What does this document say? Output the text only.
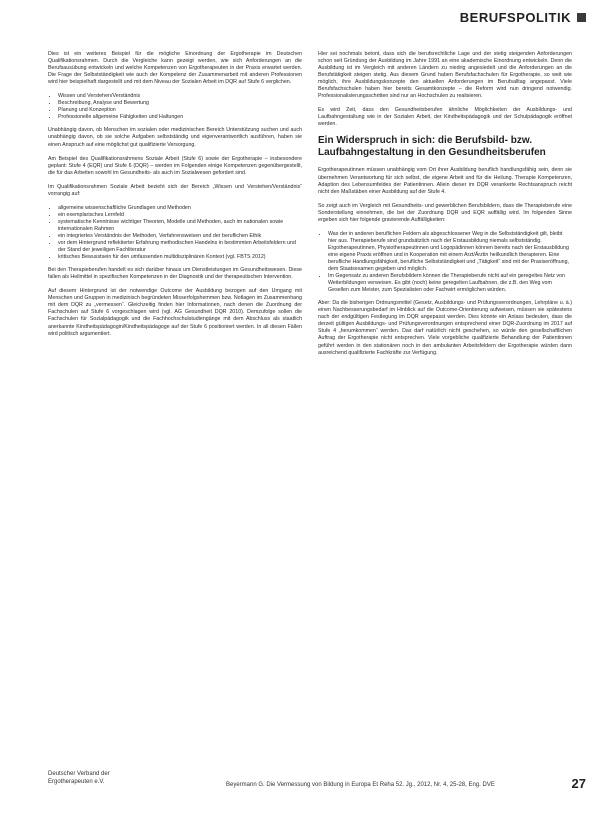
BERUFSPOLITIK

Dies ist ein weiteres Beispiel für die mögliche Einordnung der Ergotherapie im Deutschen Qualifikationsrahmen. Durch die Vergleiche kann gezeigt werden, wie sich Anforderungen an die Berufsausübung entwickeln und welche Kompetenzen von Ergotherapeuten in der Praxis erwartet werden. Die Frage der Selbstständigkeit wie auch der Kompetenz der Zusammenarbeit mit anderen Professionen wird hier beispielhaft dargestellt und mit dem Niveau der Sozialen Arbeit im DQR auf Stufe 6 verglichen.

• Wissen und Verstehen/Verständnis
• Beschreibung, Analyse und Bewertung
• Planung und Konzeption
• Professionelle allgemeine Fähigkeiten und Haltungen

Unabhängig davon, ob Menschen im sozialen oder medizinischen Bereich Unterstützung suchen und auch unabhängig davon, ob sie solche Aufgaben selbstständig und eigenverantwortlich ausführen, haben sie einen Anspruch auf eine möglichst gut qualifizierte Versorgung.

Am Beispiel des Qualifikationsrahmens Soziale Arbeit (Stufe 6) sowie der Ergotherapie – insbesondere geplant: Stufe 4 (EQR) und Stufe 6 (DQR) – werden im Folgenden einige Kompetenzen gegenübergestellt, die für das Arbeiten sowohl im Gesundheits- als auch im Sozialwesen gefordert sind.

Im Qualifikationsrahmen Soziale Arbeit bezieht sich der Bereich „Wissen und Verstehen/Verständnis“ vorrangig auf:

• allgemeine wissenschaftliche Grundlagen und Methoden
• ein exemplarisches Lernfeld
• systematische Kenntnisse wichtiger Theorien, Modelle und Methoden, auch im nationalen sowie internationalen Rahmen
• ein integriertes Verständnis der Methoden, Verfahrensweisen und der beruflichen Ethik
• vor dem Hintergrund reflektierter Erfahrung methodischen Handelns in bestimmten Arbeitsfeldern und der Stand der jeweiligen Fachliteratur
• kritisches Bewusstsein für den umfassenden multidisziplinären Kontext (vgl. FBTS 2012)

Bei den Therapieberufen handelt es sich darüber hinaus um Dienstleistungen im Gesundheitswesen. Diese fallen als Heilmittel in spezifischen Kompetenzen in der Diagnostik und der therapeutischen Intervention.

Auf diesem Hintergrund ist der notwendige Outcome der Ausbildung bezogen auf den Umgang mit Menschen und Gruppen in medizinisch begründeten Misserfolgshemmen bzw. Notlagen im Zusammenhang mit dem DQR zu „vermessen“. Gleichzeitig finden hier Informationen, nach denen die Zuordnung der Fachschulen auf Stufe 6 vorgeschlagen wird (vgl. AG Gesundheit DQR 2010). Demzufolge sollen die Fachschulen für Sozialpädagogik und die Fachhochschulstudiengänge mit dem Abschluss als staatlich anerkannte Kindheitspädagogin/Kindheitspädagoge auf der Stufe 6 positioniert werden. In all diesen Fällen wird politisch argumentiert.

Hier sei nochmals betont, dass sich die berufsrechtliche Lage und der stetig steigenden Anforderungen schon seit Gründung der Ausbildung im Jahre 1991 an eine akademische Einordnung entwickeln. Denn die Ausbildung ist im Vergleich mit anderen Ländern zu niedrig angesiedelt und die Anforderungen an die Berufstätigkeit steigen stetig. Aus diesem Grund haben Berufsfachschulen für Ergotherapie, so weit wie möglich, ihre Ausbildungskonzepte den aktuellen Anforderungen im Berufsalltag angepasst. Viele Berufsfachschulen haben hier bereits Gesamtkonzepte – die Reform wird nun dringend notwendig. Professionalisierungsschritten sind nur an Hochschulen zu realisieren.

Es wird Zeit, dass den Gesundheitsberufen ähnliche Möglichkeiten der Ausbildungs- und Laufbahngestaltung wie in der Sozialen Arbeit, der Kindheitspädagogik und der Schulpädagogik eröffnet werden.

Ein Widerspruch in sich: die Berufsbild- bzw. Laufbahngestaltung in den Gesundheitsberufen

Ergotherapeutinnen müssen unabhängig vom Ort ihrer Ausbildung beruflich handlungsfähig sein, denn sie übernehmen Verantwortung für sich selbst, die eigene Arbeit und für die Heilung. Therapie Kompetenzen, Adaption des Lebensumfeldes der Patientinnen. Allein dieser im DQR verankerte Rechtsanspruch reicht nicht den Maßstäben einer Ausbildung auf der Stufe 4.

So zeigt auch im Vergleich mit Gesundheits- und gewerblichen Berufsbildern, dass die Therapieberufe eine Sonderstellung einnehmen, die bei der Zuordnung DQR und EQR auffällig wird. Im folgenden Sinne ergeben sich hier folgende gravierende Auffälligkeiten:

• Was der in anderen beruflichen Feldern als abgeschlossener Weg in die Selbstständigkeit gilt, bleibt hier aus. Therapieberufe sind grundsätzlich nach der Erstausbildung niemals selbstständig. Ergotherapeutinnen, Physiotherapeutinnen und Logopädinnen können bereits nach der Erstausbildung eine eigene Praxis eröffnen und in Kooperation mit einem Arzt/Ärztin heilkundlich therapieren. Eine berufliche Handlungsfähigkeit, berufliche Selbstständigkeit und „Tätigkeit“ sind mit der Praxiseröffnung, dem Staatsexamen gegeben und möglich.
• Im Gegensatz zu anderen Berufsbildern können die Therapieberufe nicht auf ein geregeltes Netz von Weiterbildungen verweisen. Es gibt (noch) keine geregelten Laufbahnen, die z.B. den Weg vom Gesellen zum Meister, zum Spezialisten oder Fachwirt ermöglichen würden.

Aber: Da die bisherigen Ordnungsmittel (Gesetz, Ausbildungs- und Prüfungsverordnungen, Lehrpläne u. ä.) einen Nachbesserungsbedarf im Hinblick auf die Outcome-Orientierung aufweisen, müssen sie spätestens nach der endgültigen Festlegung im DQR angepasst werden. Dies könnte ein Anlass bedeuten, dass die derzeit gültigen Ausbildungs- und Prüfungsverordnungen entsprechend einer DQR-Zuordnung im 2017 auf Stufe 4 „herumkommen“ werden. Das darf natürlich nicht geschehen, so würde den gesellschaftlichen Auftrag der Ergotherapie nicht entsprechen. Viele vorgebliche qualifizierte Behandlung der Patientinnen geführt werden in den stationären noch in den ambulanten Arbeitsfeldern der Ergotherapie würden dann ausreichend qualifizierte Fachkräfte zur Verfügung.

Deutscher Verband der
Ergotherapeuten e.V.	Beyermann G. Die Vermessung von Bildung in Europa Et Reha 52. Jg., 2012, Nr. 4, 25-28, Eng. DVE	27
